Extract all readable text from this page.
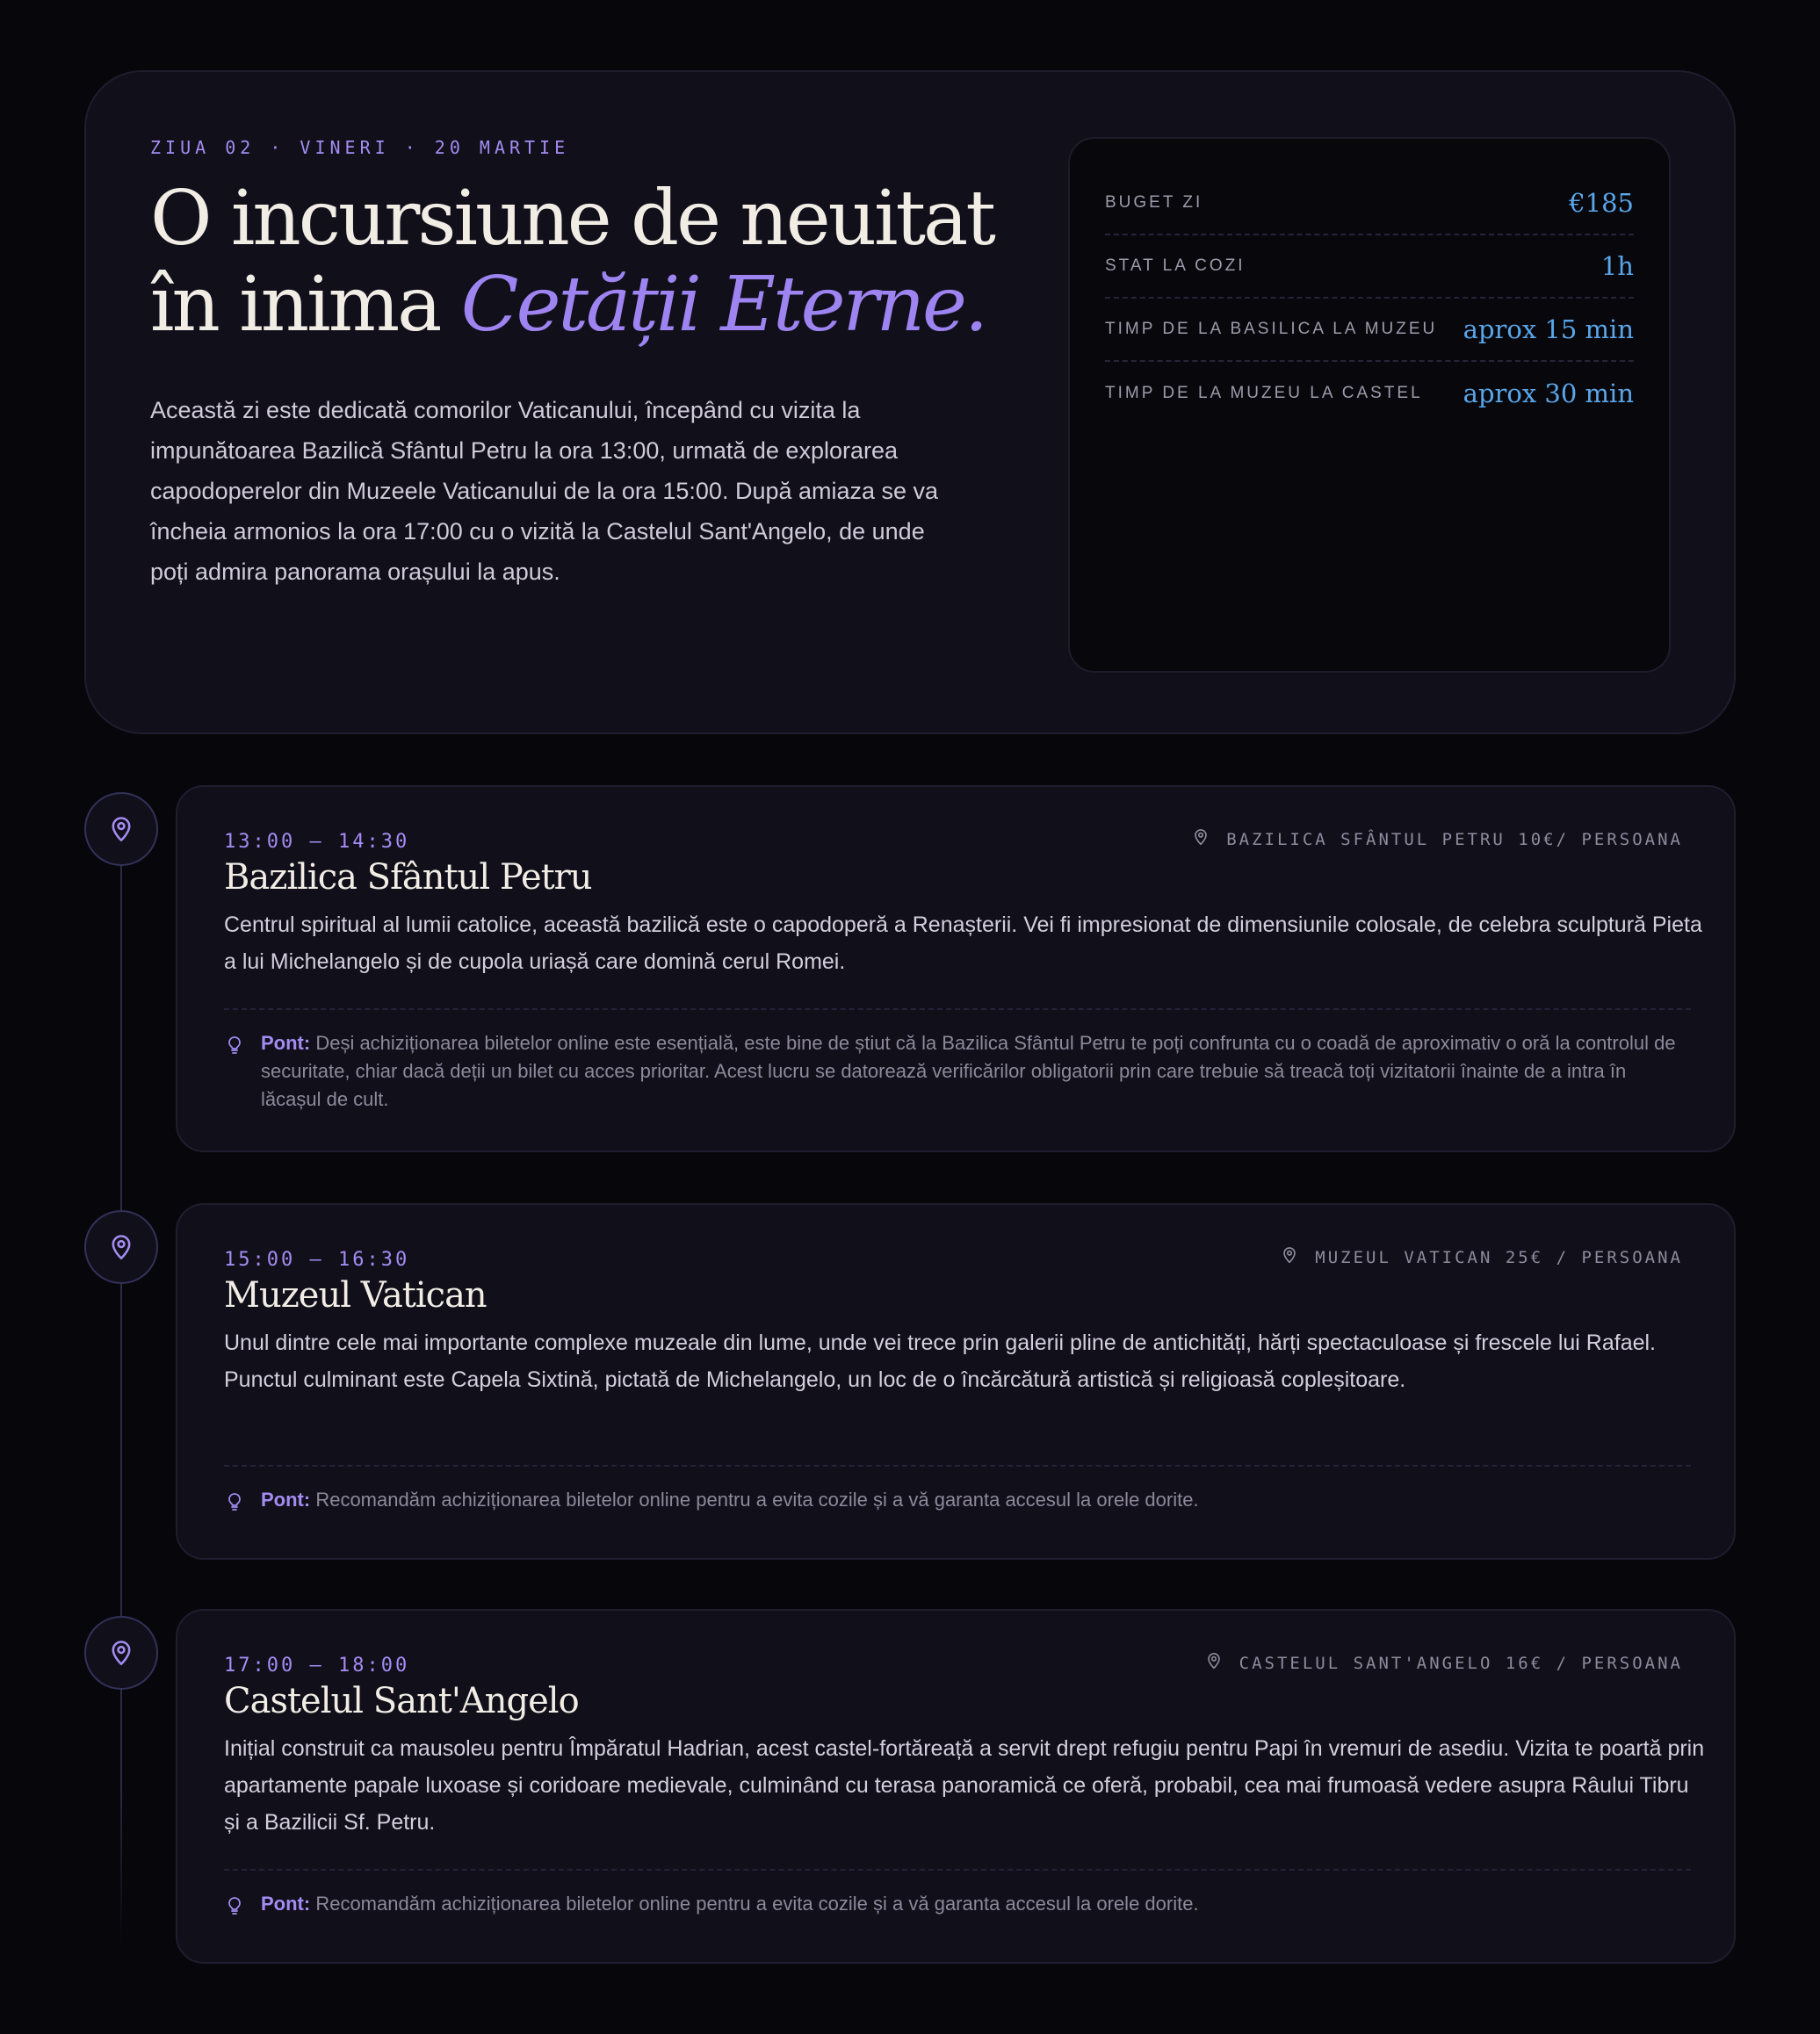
ZIUA 02 · VINERI · 20 MARTIE
O incursiune de neuitat în inima Cetății Eterne.

Această zi este dedicată comorilor Vaticanului, începând cu vizita la impunătoarea Bazilică Sfântul Petru la ora 13:00, urmată de explorarea capodoperelor din Muzeele Vaticanului de la ora 15:00. După amiaza se va încheia armonios la ora 17:00 cu o vizită la Castelul Sant'Angelo, de unde poți admira panorama orașului la apus.

BUGET ZI	€185
STAT LA COZI	1h
TIMP DE LA BASILICA LA MUZEU aprox 15 min
TIMP DE LA MUZEU LA CASTEL aprox 30 min
13:00 — 14:30	BAZILICA SFÂNTUL PETRU 10€/ PERSOANA
Bazilica Sfântul Petru

Centrul spiritual al lumii catolice, această bazilică este o capodoperă a Renașterii. Vei fi impresionat de dimensiunile colosale, de celebra sculptură Pieta a lui Michelangelo și de cupola uriașă care domină cerul Romei.

Pont: Deși achiziționarea biletelor online este esențială, este bine de știut că la Bazilica Sfântul Petru te poți confrunta cu o coadă de aproximativ o oră la controlul de securitate, chiar dacă deții un bilet cu acces prioritar. Acest lucru se datorează verificărilor obligatorii prin care trebuie să treacă toți vizitatorii înainte de a intra în lăcașul de cult.

15:00 — 16:30	MUZEUL VATICAN 25€ / PERSOANA
Muzeul Vatican

Unul dintre cele mai importante complexe muzeale din lume, unde vei trece prin galerii pline de antichități, hărți spectaculoase și frescele lui Rafael. Punctul culminant este Capela Sixtină, pictată de Michelangelo, un loc de o încărcătură artistică și religioasă copleșitoare.

Pont: Recomandăm achiziționarea biletelor online pentru a evita cozile și a vă garanta accesul la orele dorite.

17:00 — 18:00	CASTELUL SANT'ANGELO 16€ / PERSOANA
Castelul Sant'Angelo

Inițial construit ca mausoleu pentru Împăratul Hadrian, acest castel-fortăreață a servit drept refugiu pentru Papi în vremuri de asediu. Vizita te poartă prin apartamente papale luxoase și coridoare medievale, culminând cu terasa panoramică ce oferă, probabil, cea mai frumoasă vedere asupra Râului Tibru și a Bazilicii Sf. Petru.

Pont: Recomandăm achiziționarea biletelor online pentru a evita cozile și a vă garanta accesul la orele dorite.
